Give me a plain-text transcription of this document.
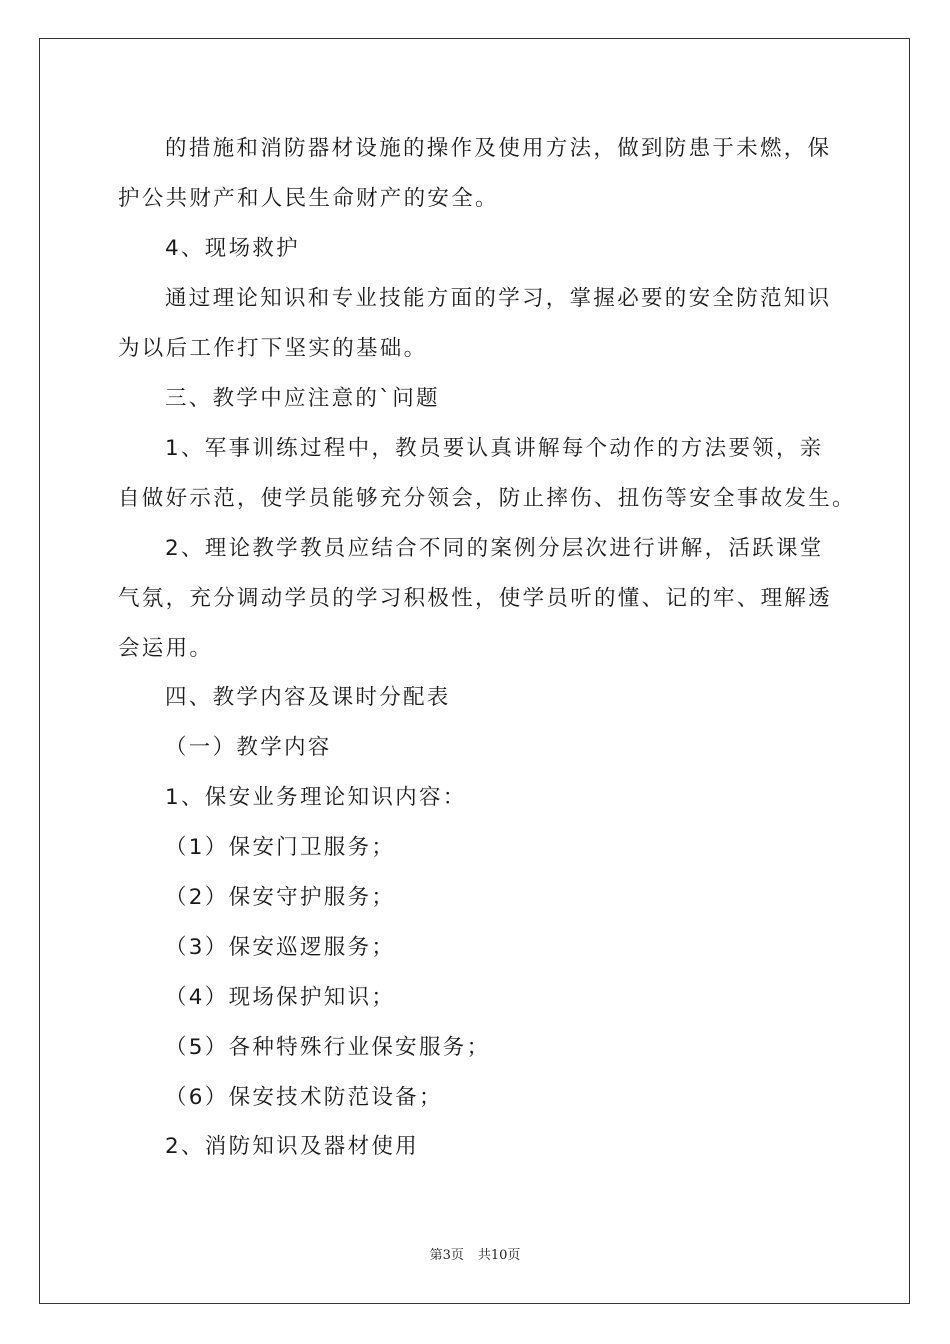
的措施和消防器材设施的操作及使用方法，做到防患于未燃，保
护公共财产和人民生命财产的安全。
4、现场救护
通过理论知识和专业技能方面的学习，掌握必要的安全防范知识
为以后工作打下坚实的基础。
三、教学中应注意的`问题
1、军事训练过程中，教员要认真讲解每个动作的方法要领，亲
自做好示范，使学员能够充分领会，防止摔伤、扭伤等安全事故发生。
2、理论教学教员应结合不同的案例分层次进行讲解，活跃课堂
气氛，充分调动学员的学习积极性，使学员听的懂、记的牢、理解透
会运用。
四、教学内容及课时分配表
（一）教学内容
1、保安业务理论知识内容：
（1）保安门卫服务；
（2）保安守护服务；
（3）保安巡逻服务；
（4）现场保护知识；
（5）各种特殊行业保安服务；
（6）保安技术防范设备；
2、消防知识及器材使用
第3页 共10页
